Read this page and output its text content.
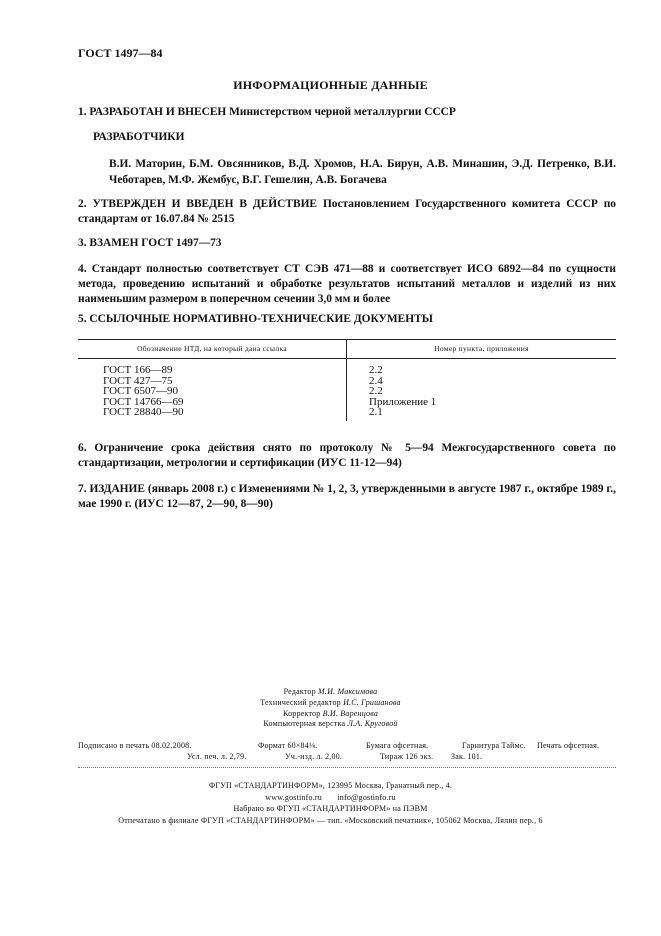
ГОСТ 1497—84
ИНФОРМАЦИОННЫЕ ДАННЫЕ
1. РАЗРАБОТАН И ВНЕСЕН Министерством черной металлургии СССР
РАЗРАБОТЧИКИ
В.И. Маторин, Б.М. Овсянников, В.Д. Хромов, Н.А. Бирун, А.В. Минашин, Э.Д. Петренко, В.И. Чеботарев, М.Ф. Жембус, В.Г. Гешелин, А.В. Богачева
2. УТВЕРЖДЕН И ВВЕДЕН В ДЕЙСТВИЕ Постановлением Государственного комитета СССР по стандартам от 16.07.84 № 2515
3. ВЗАМЕН ГОСТ 1497—73
4. Стандарт полностью соответствует СТ СЭВ 471—88 и соответствует ИСО 6892—84 по сущности метода, проведению испытаний и обработке результатов испытаний металлов и изделий из них наименьшим размером в поперечном сечении 3,0 мм и более
5. ССЫЛОЧНЫЕ НОРМАТИВНО-ТЕХНИЧЕСКИЕ ДОКУМЕНТЫ
Обозначение НТД, на который дана ссылка	Номер пункта, приложения
ГОСТ 166—89	2.2
ГОСТ 427—75	2.4
ГОСТ 6507—90	2.2
ГОСТ 14766—69	Приложение 1
ГОСТ 28840—90	2.1
6. Ограничение срока действия снято по протоколу № 5—94 Межгосударственного совета по стандартизации, метрологии и сертификации (ИУС 11-12—94)
7. ИЗДАНИЕ (январь 2008 г.) с Изменениями № 1, 2, 3, утвержденными в августе 1987 г., октябре 1989 г., мае 1990 г. (ИУС 12—87, 2—90, 8—90)
Редактор М.И. Максимова
Технический редактор И.С. Гришанова
Корректор В.И. Варенцова
Компьютерная верстка Л.А. Круговой
Подписано в печать 08.02.2008.	Формат 60×84⅛.	Бумага офсетная.	Гарнитура Таймс. Печать офсетная.
Усл. печ. л. 2,79.	Уч.-изд. л. 2,00.	Тираж 126 экз. Зак. 101.
ФГУП «СТАНДАРТИНФОРМ», 123995 Москва, Гранатный пер., 4.
www.gostinfo.ru info@gostinfo.ru
Набрано во ФГУП «СТАНДАРТИНФОРМ» на ПЭВМ
Отпечатано в филиале ФГУП «СТАНДАРТИНФОРМ» — тип. «Московский печатник», 105062 Москва, Лялин пер., 6
